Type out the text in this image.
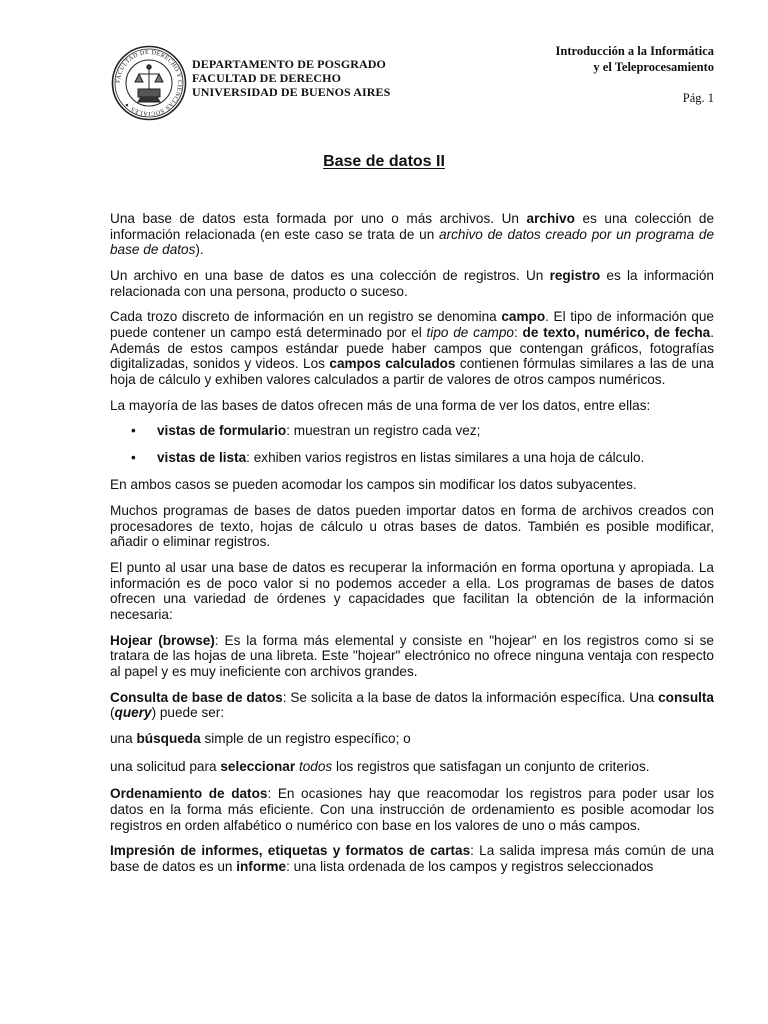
FACULTAD DE DERECHO Y CIENCIAS SOCIALES ✦
DEPARTAMENTO DE POSGRADO
FACULTAD DE DERECHO
UNIVERSIDAD DE BUENOS AIRES
Introducción a la Informática
y el Teleprocesamiento
Pág. 1
Base de datos II

Una base de datos esta formada por uno o más archivos. Un archivo es una colección de información relacionada (en este caso se trata de un archivo de datos creado por un programa de base de datos).

Un archivo en una base de datos es una colección de registros. Un registro es la información relacionada con una persona, producto o suceso.

Cada trozo discreto de información en un registro se denomina campo. El tipo de información que puede contener un campo está determinado por el tipo de campo: de texto, numérico, de fecha. Además de estos campos estándar puede haber campos que contengan gráficos, fotografías digitalizadas, sonidos y videos. Los campos calculados contienen fórmulas similares a las de una hoja de cálculo y exhiben valores calculados a partir de valores de otros campos numéricos.

La mayoría de las bases de datos ofrecen más de una forma de ver los datos, entre ellas:

• vistas de formulario: muestran un registro cada vez;
• vistas de lista: exhiben varios registros en listas similares a una hoja de cálculo.

En ambos casos se pueden acomodar los campos sin modificar los datos subyacentes.

Muchos programas de bases de datos pueden importar datos en forma de archivos creados con procesadores de texto, hojas de cálculo u otras bases de datos. También es posible modificar, añadir o eliminar registros.

El punto al usar una base de datos es recuperar la información en forma oportuna y apropiada. La información es de poco valor si no podemos acceder a ella. Los programas de bases de datos ofrecen una variedad de órdenes y capacidades que facilitan la obtención de la información necesaria:

Hojear (browse): Es la forma más elemental y consiste en "hojear" en los registros como si se tratara de las hojas de una libreta. Este "hojear" electrónico no ofrece ninguna ventaja con respecto al papel y es muy ineficiente con archivos grandes.

Consulta de base de datos: Se solicita a la base de datos la información específica. Una consulta (query) puede ser:

una búsqueda simple de un registro específico; o

una solicitud para seleccionar todos los registros que satisfagan un conjunto de criterios.

Ordenamiento de datos: En ocasiones hay que reacomodar los registros para poder usar los datos en la forma más eficiente. Con una instrucción de ordenamiento es posible acomodar los registros en orden alfabético o numérico con base en los valores de uno o más campos.

Impresión de informes, etiquetas y formatos de cartas: La salida impresa más común de una base de datos es un informe: una lista ordenada de los campos y registros seleccionados
